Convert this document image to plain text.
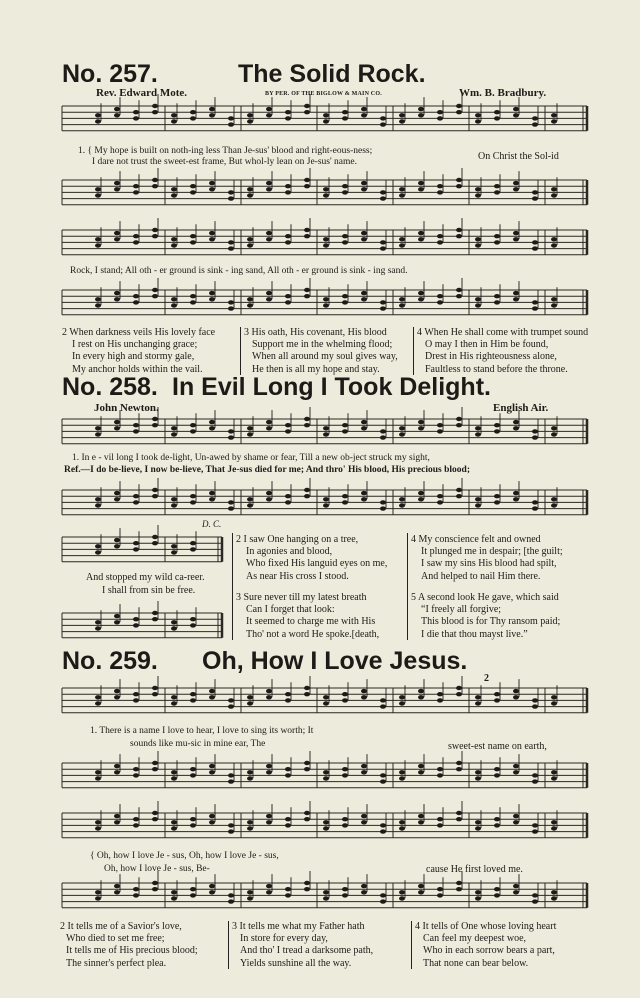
No. 257.	The Solid Rock.
Rev. Edward Mote.	BY PER. OF THE BIGLOW & MAIN CO.	Wm. B. Bradbury.
1. { My hope is built on noth-ing less Than Je-sus' blood and right-eous-ness;
I dare not trust the sweet-est frame, But whol-ly lean on Je-sus' name.	On Christ the Sol-id
Rock, I stand; All oth - er ground is sink - ing sand, All oth - er ground is sink - ing sand.
2 When darkness veils His lovely face
I rest on His unchanging grace;
In every high and stormy gale,
My anchor holds within the vail.
3 His oath, His covenant, His blood
Support me in the whelming flood;
When all around my soul gives way,
He then is all my hope and stay.
4 When He shall come with trumpet sound
O may I then in Him be found,
Drest in His righteousness alone,
Faultless to stand before the throne.
No. 258. In Evil Long I Took Delight.
John Newton.	English Air.
1. In e - vil long I took de-light, Un-awed by shame or fear, Till a new ob-ject struck my sight,
Ref.—I do be-lieve, I now be-lieve, That Je-sus died for me; And thro' His blood, His precious blood;
D. C.
And stopped my wild ca-reer.
I shall from sin be free.
2 I saw One hanging on a tree,
In agonies and blood,
Who fixed His languid eyes on me,
As near His cross I stood.
3 Sure never till my latest breath
Can I forget that look:
It seemed to charge me with His
Tho' not a word He spoke.[death,
4 My conscience felt and owned
It plunged me in despair; [the guilt;
I saw my sins His blood had spilt,
And helped to nail Him there.
5 A second look He gave, which said
“I freely all forgive;
This blood is for Thy ransom paid;
I die that thou mayst live.”
No. 259. Oh, How I Love Jesus.
2
1. There is a name I love to hear, I love to sing its worth; It
sounds like mu-sic in mine ear, The	sweet-est name on earth,
{ Oh, how I love Je - sus, Oh, how I love Je - sus,
Oh, how I love Je - sus, Be-	cause He first loved me.
2 It tells me of a Savior's love,
Who died to set me free;
It tells me of His precious blood;
The sinner's perfect plea.
3 It tells me what my Father hath
In store for every day,
And tho' I tread a darksome path,
Yields sunshine all the way.
4 It tells of One whose loving heart
Can feel my deepest woe,
Who in each sorrow bears a part,
That none can bear below.
